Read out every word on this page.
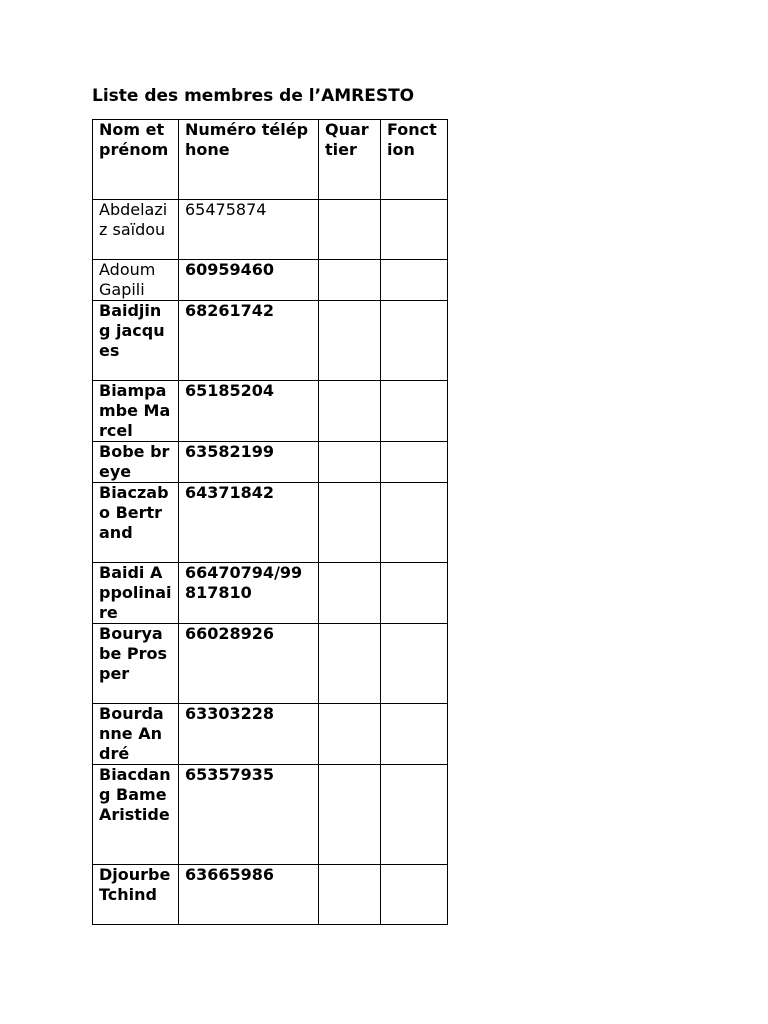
Liste des membres de l’AMRESTO
Nom et prénom	Numéro téléphone	Quartier	Fonction
Abdelaziz saïdou	65475874		
Adoum Gapili	60959460		
Baidjing jacques	68261742		
Biampambe Marcel	65185204		
Bobe breye	63582199		
Biaczabo Bertrand	64371842		
Baidi Appolinaire	66470794/99817810		
Bouryabe Prosper	66028926		
Bourdanne André	63303228		
Biacdang Bame Aristide	65357935		
Djourbe Tchind	63665986		
